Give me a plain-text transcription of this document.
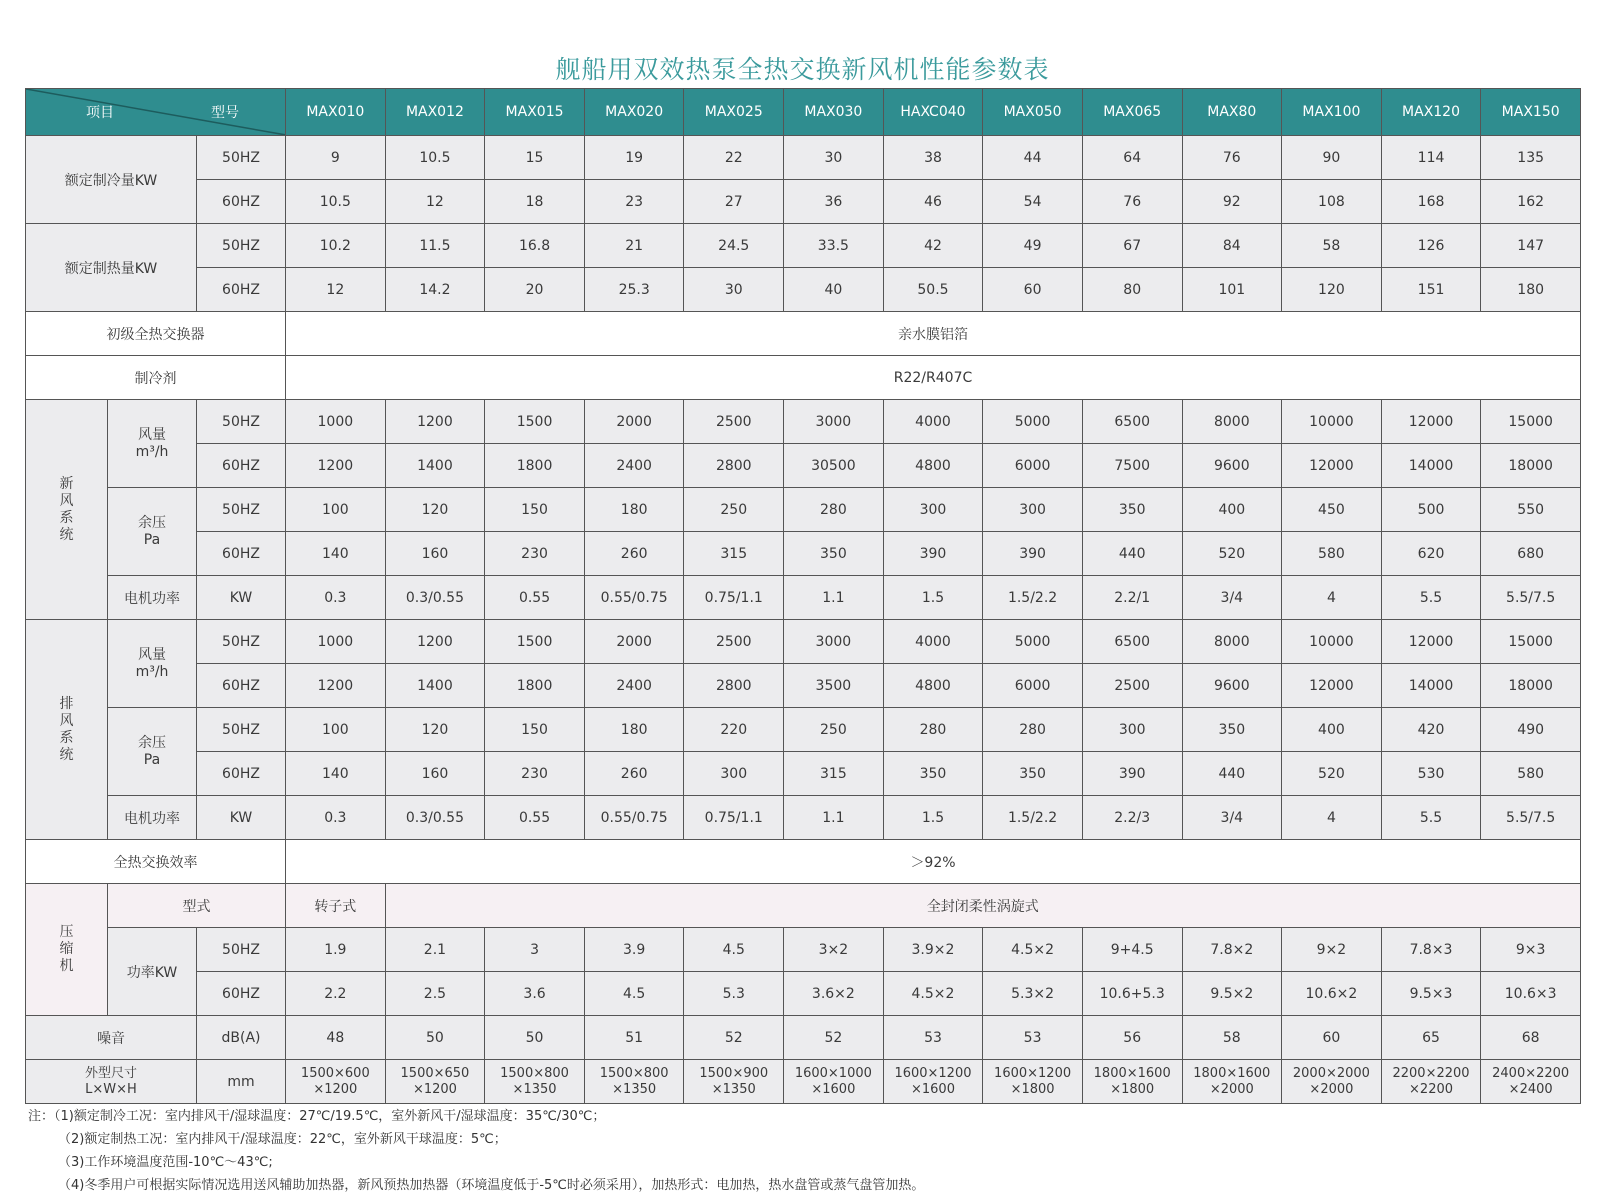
舰船用双效热泵全热交换新风机性能参数表
项目 型号			MAX010	MAX012	MAX015	MAX020	MAX025	MAX030	HAXC040	MAX050	MAX065	MAX80	MAX100	MAX120	MAX150
额定制冷量KW		50HZ	9	10.5	15	19	22	30	38	44	64	76	90	114	135
		60HZ	10.5	12	18	23	27	36	46	54	76	92	108	168	162
额定制热量KW		50HZ	10.2	11.5	16.8	21	24.5	33.5	42	49	67	84	58	126	147
		60HZ	12	14.2	20	25.3	30	40	50.5	60	80	101	120	151	180
初级全热交换器			亲水膜铝箔												
制冷剂			R22/R407C												
新
风
系
统	风量
m³/h	50HZ	1000	1200	1500	2000	2500	3000	4000	5000	6500	8000	10000	12000	15000
		60HZ	1200	1400	1800	2400	2800	30500	4800	6000	7500	9600	12000	14000	18000
	余压
Pa	50HZ	100	120	150	180	250	280	300	300	350	400	450	500	550
		60HZ	140	160	230	260	315	350	390	390	440	520	580	620	680
	电机功率	KW	0.3	0.3/0.55	0.55	0.55/0.75	0.75/1.1	1.1	1.5	1.5/2.2	2.2/1	3/4	4	5.5	5.5/7.5
排
风
系
统	风量
m³/h	50HZ	1000	1200	1500	2000	2500	3000	4000	5000	6500	8000	10000	12000	15000
		60HZ	1200	1400	1800	2400	2800	3500	4800	6000	2500	9600	12000	14000	18000
	余压
Pa	50HZ	100	120	150	180	220	250	280	280	300	350	400	420	490
		60HZ	140	160	230	260	300	315	350	350	390	440	520	530	580
	电机功率	KW	0.3	0.3/0.55	0.55	0.55/0.75	0.75/1.1	1.1	1.5	1.5/2.2	2.2/3	3/4	4	5.5	5.5/7.5
全热交换效率			＞92%												
压
缩
机	型式		转子式	全封闭柔性涡旋式											
	功率KW	50HZ	1.9	2.1	3	3.9	4.5	3×2	3.9×2	4.5×2	9+4.5	7.8×2	9×2	7.8×3	9×3
		60HZ	2.2	2.5	3.6	4.5	5.3	3.6×2	4.5×2	5.3×2	10.6+5.3	9.5×2	10.6×2	9.5×3	10.6×3
噪音		dB(A)	48	50	50	51	52	52	53	53	56	58	60	65	68
外型尺寸
L×W×H		mm	1500×600
×1200	1500×650
×1200	1500×800
×1350	1500×800
×1350	1500×900
×1350	1600×1000
×1600	1600×1200
×1600	1600×1200
×1800	1800×1600
×1800	1800×1600
×2000	2000×2000
×2000	2200×2200
×2200	2400×2200
×2400
注：（1)额定制冷工况：室内排风干/湿球温度：27℃/19.5℃，室外新风干/湿球温度：35℃/30℃；
（2)额定制热工况：室内排风干/湿球温度：22℃，室外新风干球温度：5℃；
（3)工作环境温度范围-10℃～43℃;
（4)冬季用户可根据实际情况选用送风辅助加热器，新风预热加热器（环境温度低于-5℃时必须采用），加热形式：电加热，热水盘管或蒸气盘管加热。
